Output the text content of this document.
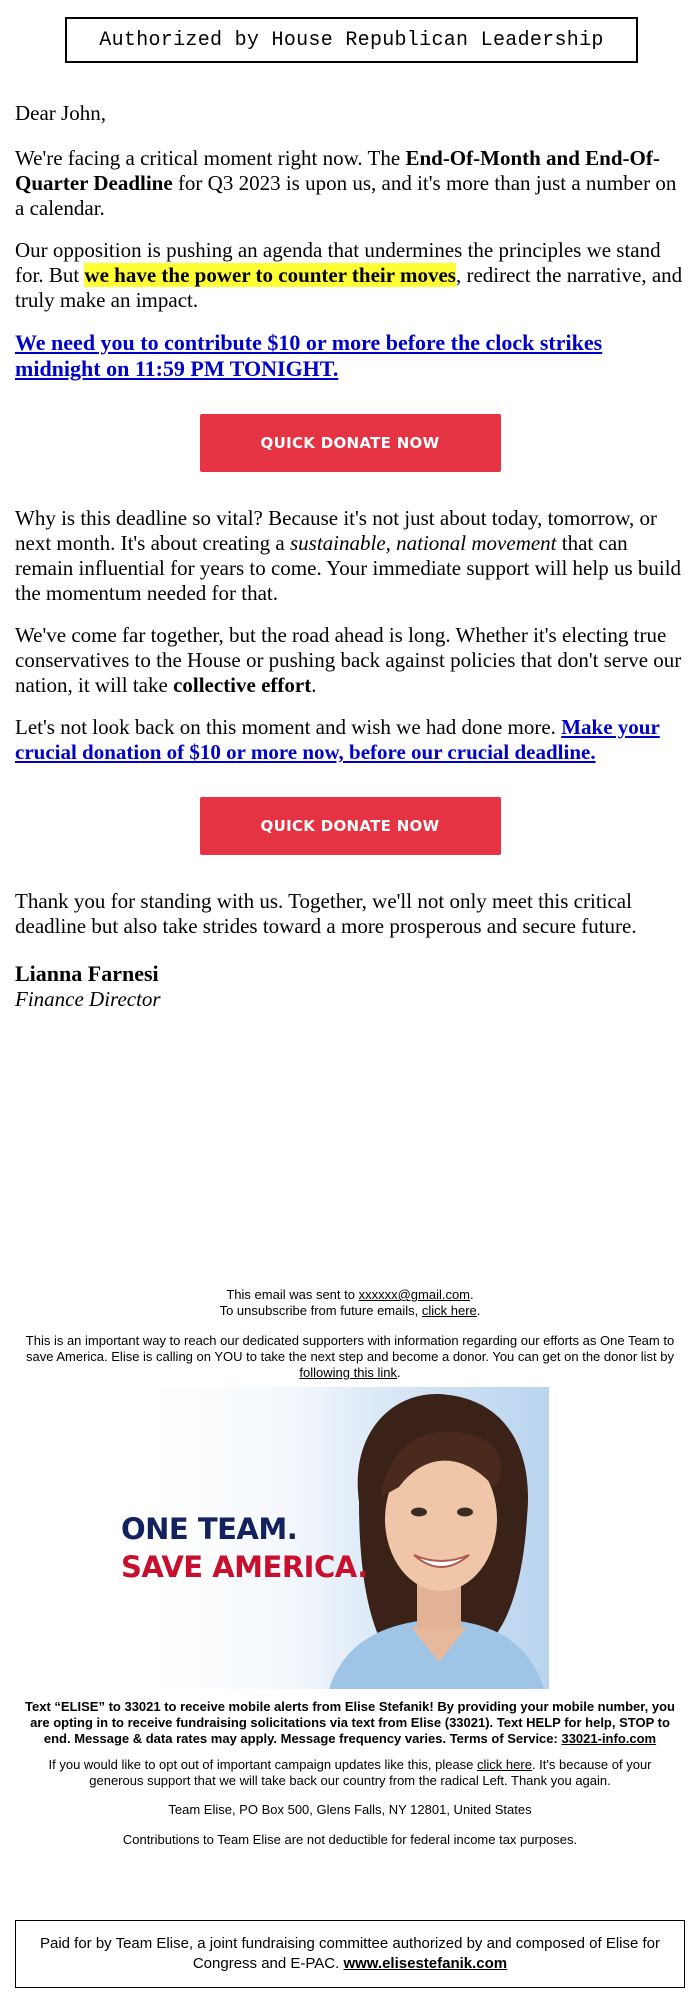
Authorized by House Republican Leadership

Dear John,

We're facing a critical moment right now. The End-Of-Month and End-Of-Quarter Deadline for Q3 2023 is upon us, and it's more than just a number on a calendar.

Our opposition is pushing an agenda that undermines the principles we stand for. But we have the power to counter their moves, redirect the narrative, and truly make an impact.

We need you to contribute $10 or more before the clock strikes midnight on 11:59 PM TONIGHT.

QUICK DONATE NOW

Why is this deadline so vital? Because it's not just about today, tomorrow, or next month. It's about creating a sustainable, national movement that can remain influential for years to come. Your immediate support will help us build the momentum needed for that.

We've come far together, but the road ahead is long. Whether it's electing true conservatives to the House or pushing back against policies that don't serve our nation, it will take collective effort.

Let's not look back on this moment and wish we had done more. Make your crucial donation of $10 or more now, before our crucial deadline.

QUICK DONATE NOW

Thank you for standing with us. Together, we'll not only meet this critical deadline but also take strides toward a more prosperous and secure future.

Lianna Farnesi
Finance Director

This email was sent to xxxxxx@gmail.com.

To unsubscribe from future emails, click here.

This is an important way to reach our dedicated supporters with information regarding our efforts as One Team to save America. Elise is calling on YOU to take the next step and become a donor. You can get on the donor list by following this link.

ONE TEAM.
SAVE AMERICA.

Text “ELISE” to 33021 to receive mobile alerts from Elise Stefanik! By providing your mobile number, you are opting in to receive fundraising solicitations via text from Elise (33021). Text HELP for help, STOP to end. Message & data rates may apply. Message frequency varies. Terms of Service: 33021-info.com

If you would like to opt out of important campaign updates like this, please click here. It's because of your generous support that we will take back our country from the radical Left. Thank you again.

Team Elise, PO Box 500, Glens Falls, NY 12801, United States

Contributions to Team Elise are not deductible for federal income tax purposes.

Paid for by Team Elise, a joint fundraising committee authorized by and composed of Elise for Congress and E-PAC. www.elisestefanik.com
